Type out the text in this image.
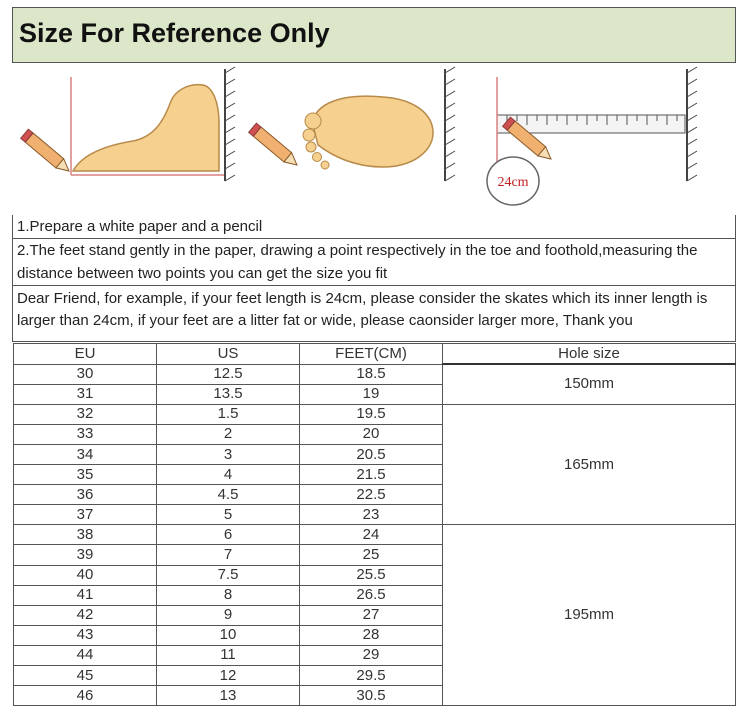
Size For Reference Only
24cm
1.Prepare a white paper and a pencil
2.The feet stand gently in the paper, drawing a point respectively in the toe and foothold,measuring the distance between two points you can get the size you fit
Dear Friend, for example, if your feet length is 24cm, please consider the skates which its inner length is larger than 24cm, if your feet are a litter fat or wide, please caonsider larger more, Thank you
EU	US	FEET(CM)	Hole size
30	12.5	18.5	150mm
31	13.5	19	
32	1.5	19.5	165mm
33	2	20	
34	3	20.5	
35	4	21.5	
36	4.5	22.5	
37	5	23	
38	6	24	195mm
39	7	25	
40	7.5	25.5	
41	8	26.5	
42	9	27	
43	10	28	
44	11	29	
45	12	29.5	
46	13	30.5	
